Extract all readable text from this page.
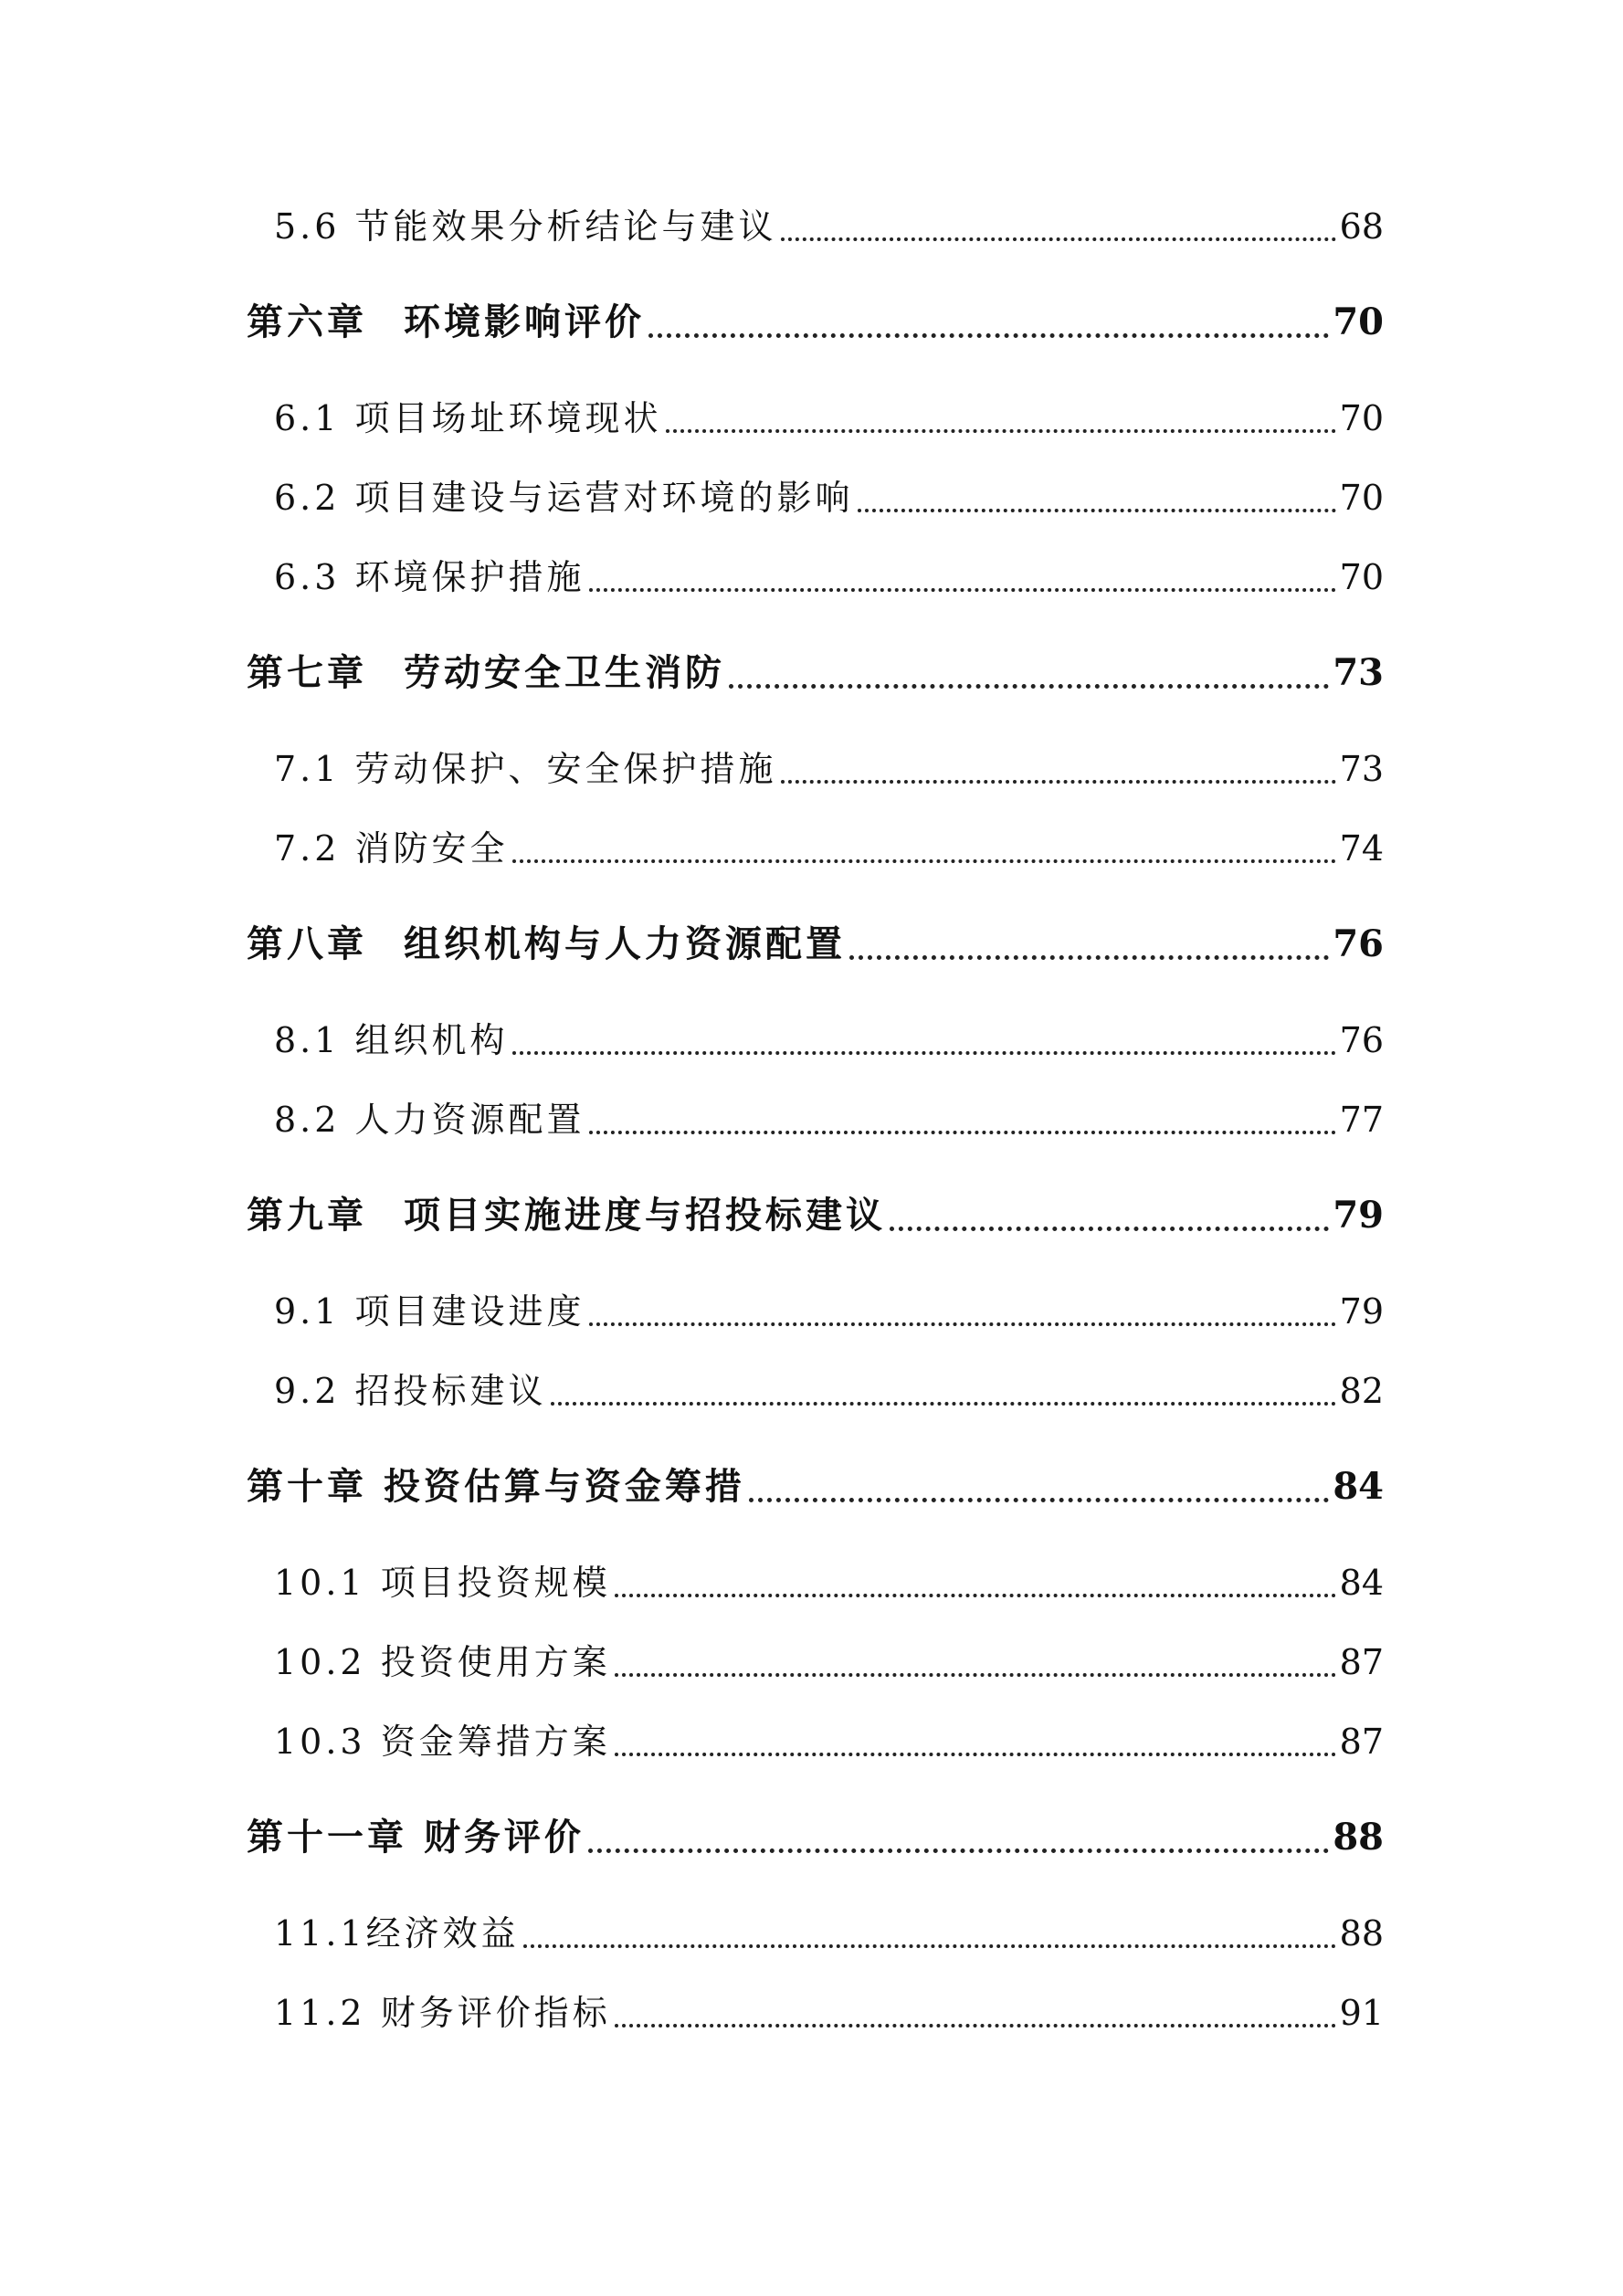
5.6 节能效果分析结论与建议	68
第六章 环境影响评价	70
6.1 项目场址环境现状	70
6.2 项目建设与运营对环境的影响	70
6.3 环境保护措施	70
第七章 劳动安全卫生消防	73
7.1 劳动保护、安全保护措施	73
7.2 消防安全	74
第八章 组织机构与人力资源配置	76
8.1 组织机构	76
8.2 人力资源配置	77
第九章 项目实施进度与招投标建议	79
9.1 项目建设进度	79
9.2 招投标建议	82
第十章 投资估算与资金筹措	84
10.1 项目投资规模	84
10.2 投资使用方案	87
10.3 资金筹措方案	87
第十一章 财务评价	88
11.1经济效益	88
11.2 财务评价指标	91
